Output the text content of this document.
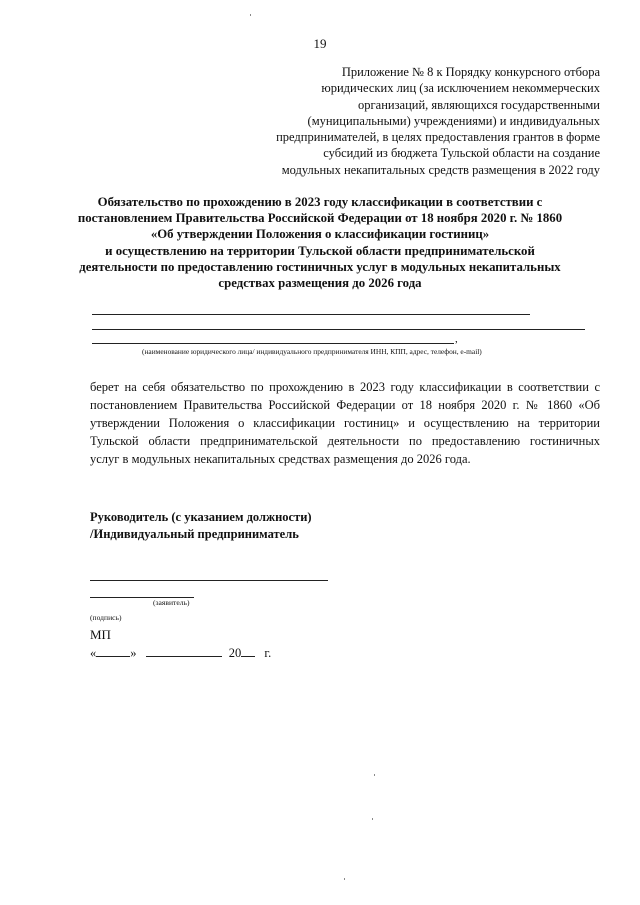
19
Приложение № 8 к Порядку конкурсного отбора
юридических лиц (за исключением некоммерческих
организаций, являющихся государственными
(муниципальными) учреждениями) и индивидуальных
предпринимателей, в целях предоставления грантов в форме
субсидий из бюджета Тульской области на создание
модульных некапитальных средств размещения в 2022 году
Обязательство по прохождению в 2023 году классификации в соответствии с
постановлением Правительства Российской Федерации от 18 ноября 2020 г. № 1860
«Об утверждении Положения о классификации гостиниц»
и осуществлению на территории Тульской области предпринимательской
деятельности по предоставлению гостиничных услуг в модульных некапитальных
средствах размещения до 2026 года
,
(наименование юридического лица/ индивидуального предпринимателя ИНН, КПП, адрес, телефон, e-mail)
берет на себя обязательство по прохождению в 2023 году классификации в соответствии с
постановлением Правительства Российской Федерации от 18 ноября 2020 г. № 1860 «Об
утверждении Положения о классификации гостиниц» и осуществлению на территории
Тульской области предпринимательской деятельности по предоставлению гостиничных
услуг в модульных некапитальных средствах размещения до 2026 года.
Руководитель (с указанием должности)
/Индивидуальный предприниматель
(заявитель)
(подпись)
МП
«	»	20 г.
